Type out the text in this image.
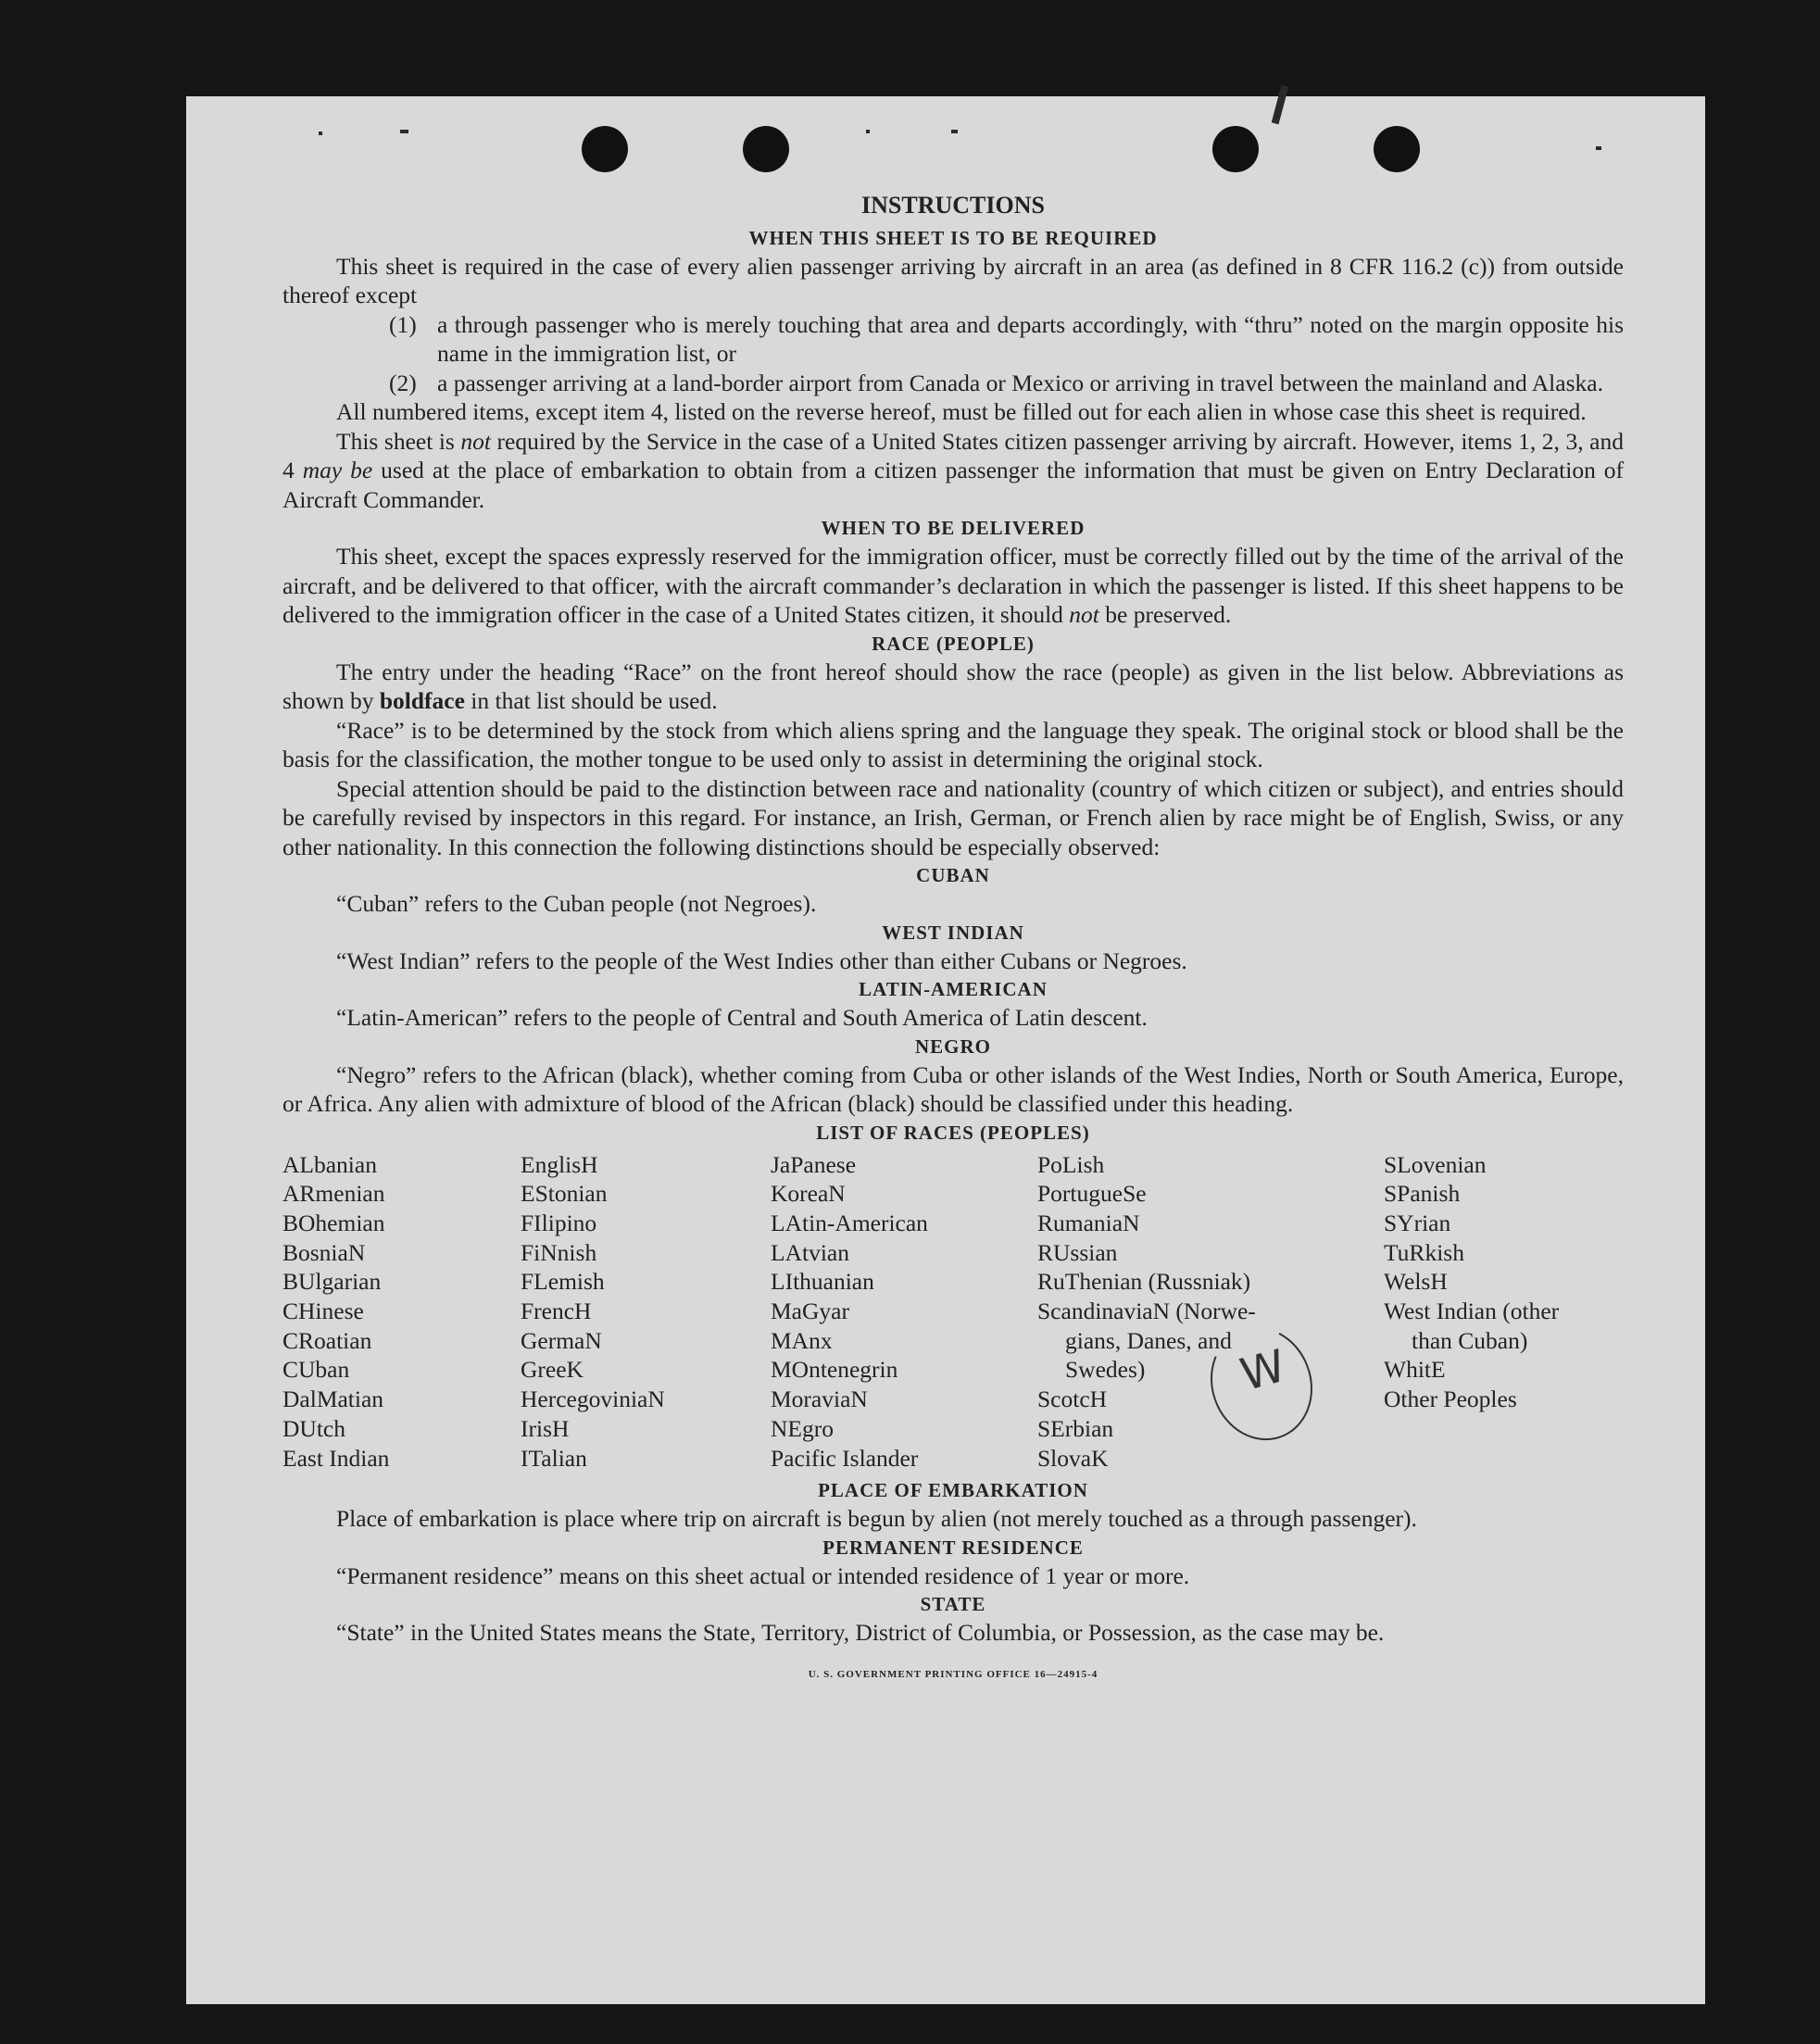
W
INSTRUCTIONS
WHEN THIS SHEET IS TO BE REQUIRED

This sheet is required in the case of every alien passenger arriving by aircraft in an area (as defined in 8 CFR 116.2 (c)) from outside thereof except

(1) a through passenger who is merely touching that area and departs accordingly, with “thru” noted on the margin opposite his name in the immigration list, or
(2) a passenger arriving at a land-border airport from Canada or Mexico or arriving in travel between the mainland and Alaska.

All numbered items, except item 4, listed on the reverse hereof, must be filled out for each alien in whose case this sheet is required.

This sheet is not required by the Service in the case of a United States citizen passenger arriving by aircraft. However, items 1, 2, 3, and 4 may be used at the place of embarkation to obtain from a citizen passenger the information that must be given on Entry Declaration of Aircraft Commander.

WHEN TO BE DELIVERED

This sheet, except the spaces expressly reserved for the immigration officer, must be correctly filled out by the time of the arrival of the aircraft, and be delivered to that officer, with the aircraft commander’s declaration in which the passenger is listed. If this sheet happens to be delivered to the immigration officer in the case of a United States citizen, it should not be preserved.

RACE (PEOPLE)

The entry under the heading “Race” on the front hereof should show the race (people) as given in the list below. Abbreviations as shown by boldface in that list should be used.

“Race” is to be determined by the stock from which aliens spring and the language they speak. The original stock or blood shall be the basis for the classification, the mother tongue to be used only to assist in determining the original stock.

Special attention should be paid to the distinction between race and nationality (country of which citizen or subject), and entries should be carefully revised by inspectors in this regard. For instance, an Irish, German, or French alien by race might be of English, Swiss, or any other nationality. In this connection the following distinctions should be especially observed:

CUBAN

“Cuban” refers to the Cuban people (not Negroes).

WEST INDIAN

“West Indian” refers to the people of the West Indies other than either Cubans or Negroes.

LATIN-AMERICAN

“Latin-American” refers to the people of Central and South America of Latin descent.

NEGRO

“Negro” refers to the African (black), whether coming from Cuba or other islands of the West Indies, North or South America, Europe, or Africa. Any alien with admixture of blood of the African (black) should be classified under this heading.

LIST OF RACES (PEOPLES)
ALbanian
ARmenian
BOhemian
BosniaN
BUlgarian
CHinese
CRoatian
CUban
DalMatian
DUtch
East Indian
EnglisH
EStonian
FIlipino
FiNnish
FLemish
FrencH
GermaN
GreeK
HercegoviniaN
IrisH
ITalian
JaPanese
KoreaN
LAtin-American
LAtvian
LIthuanian
MaGyar
MAnx
MOntenegrin
MoraviaN
NEgro
Pacific Islander
PoLish
PortugueSe
RumaniaN
RUssian
RuThenian (Russniak)
ScandinaviaN (Norwe-
gians, Danes, and
Swedes)
ScotcH
SErbian
SlovaK
SLovenian
SPanish
SYrian
TuRkish
WelsH
West Indian (other
than Cuban)
WhitE
Other Peoples
PLACE OF EMBARKATION

Place of embarkation is place where trip on aircraft is begun by alien (not merely touched as a through passenger).

PERMANENT RESIDENCE

“Permanent residence” means on this sheet actual or intended residence of 1 year or more.

STATE

“State” in the United States means the State, Territory, District of Columbia, or Possession, as the case may be.

U. S. GOVERNMENT PRINTING OFFICE 16—24915-4
